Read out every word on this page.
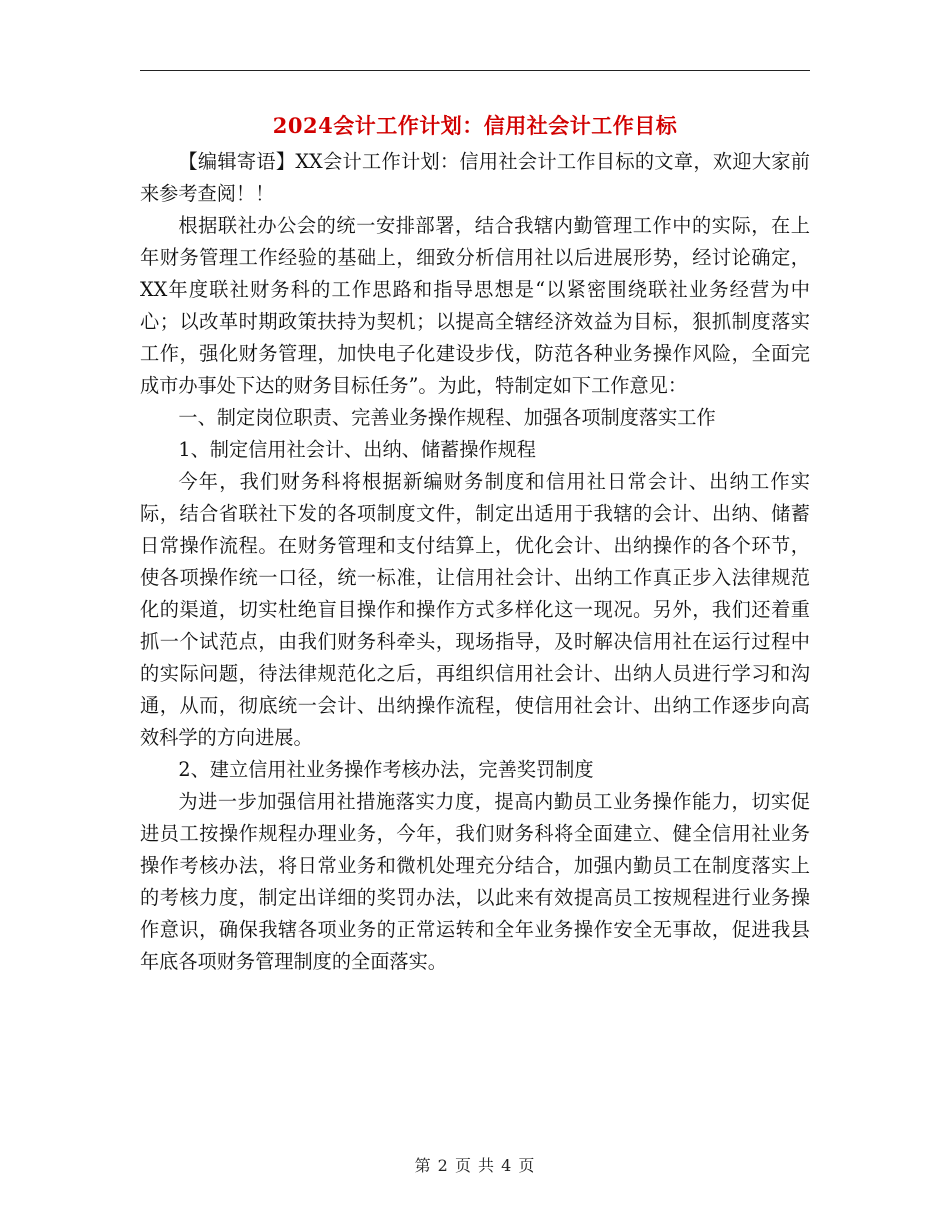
2024会计工作计划：信用社会计工作目标

【编辑寄语】XX会计工作计划：信用社会计工作目标的文章，欢迎大家前来参考查阅！！

根据联社办公会的统一安排部署，结合我辖内勤管理工作中的实际，在上年财务管理工作经验的基础上，细致分析信用社以后进展形势，经讨论确定，XX年度联社财务科的工作思路和指导思想是“以紧密围绕联社业务经营为中心；以改革时期政策扶持为契机；以提高全辖经济效益为目标，狠抓制度落实工作，强化财务管理，加快电子化建设步伐，防范各种业务操作风险，全面完成市办事处下达的财务目标任务”。为此，特制定如下工作意见：

一、制定岗位职责、完善业务操作规程、加强各项制度落实工作

1、制定信用社会计、出纳、储蓄操作规程

今年，我们财务科将根据新编财务制度和信用社日常会计、出纳工作实际，结合省联社下发的各项制度文件，制定出适用于我辖的会计、出纳、储蓄日常操作流程。在财务管理和支付结算上，优化会计、出纳操作的各个环节，使各项操作统一口径，统一标准，让信用社会计、出纳工作真正步入法律规范化的渠道，切实杜绝盲目操作和操作方式多样化这一现况。另外，我们还着重抓一个试范点，由我们财务科牵头，现场指导，及时解决信用社在运行过程中的实际问题，待法律规范化之后，再组织信用社会计、出纳人员进行学习和沟通，从而，彻底统一会计、出纳操作流程，使信用社会计、出纳工作逐步向高效科学的方向进展。

2、建立信用社业务操作考核办法，完善奖罚制度

为进一步加强信用社措施落实力度，提高内勤员工业务操作能力，切实促进员工按操作规程办理业务，今年，我们财务科将全面建立、健全信用社业务操作考核办法，将日常业务和微机处理充分结合，加强内勤员工在制度落实上的考核力度，制定出详细的奖罚办法，以此来有效提高员工按规程进行业务操作意识，确保我辖各项业务的正常运转和全年业务操作安全无事故，促进我县年底各项财务管理制度的全面落实。

第 2 页 共 4 页
